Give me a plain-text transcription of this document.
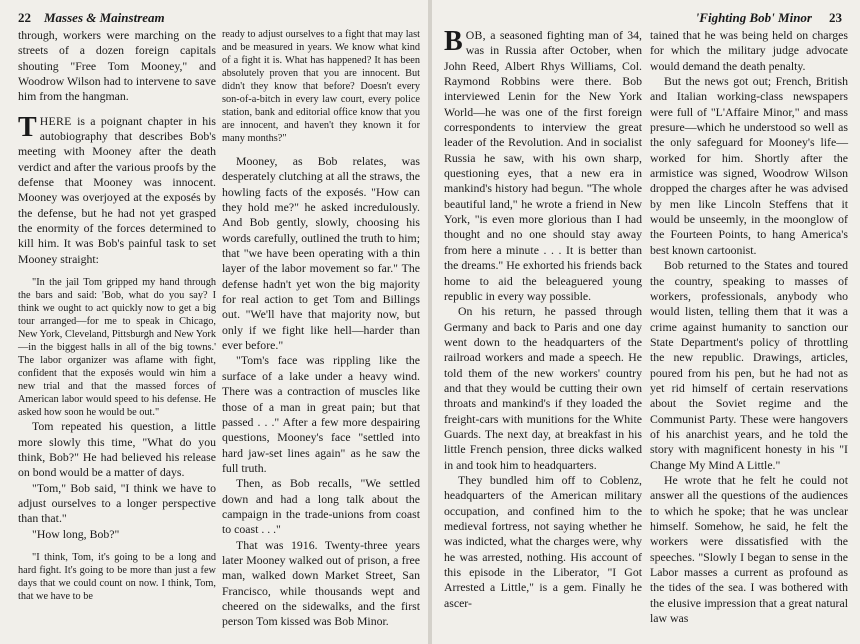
22 Masses & Mainstream

through, workers were marching on the streets of a dozen foreign capitals shouting "Free Tom Mooney," and Woodrow Wilson had to intervene to save him from the hangman.

THERE is a poignant chapter in his autobiography that describes Bob's meeting with Mooney after the death verdict and after the various proofs by the defense that Mooney was innocent. Mooney was overjoyed at the exposés by the defense, but he had not yet grasped the enormity of the forces determined to kill him. It was Bob's painful task to set Mooney straight:

"In the jail Tom gripped my hand through the bars and said: 'Bob, what do you say? I think we ought to act quickly now to get a big tour arranged—for me to speak in Chicago, New York, Cleveland, Pittsburgh and New York—in the biggest halls in all of the big towns.' The labor organizer was aflame with fight, confident that the exposés would win him a new trial and that the massed forces of American labor would speed to his defense. He asked how soon he would be out."

Tom repeated his question, a little more slowly this time, "What do you think, Bob?" He had believed his release on bond would be a matter of days.

"Tom," Bob said, "I think we have to adjust ourselves to a longer perspective than that."

"How long, Bob?"

"I think, Tom, it's going to be a long and hard fight. It's going to be more than just a few days that we could count on now. I think, Tom, that we have to be

ready to adjust ourselves to a fight that may last and be measured in years. We know what kind of a fight it is. What has happened? It has been absolutely proven that you are innocent. But didn't they know that before? Doesn't every son-of-a-bitch in every law court, every police station, bank and editorial office know that you are innocent, and haven't they known it for many months?"

Mooney, as Bob relates, was desperately clutching at all the straws, the howling facts of the exposés. "How can they hold me?" he asked incredulously. And Bob gently, slowly, choosing his words carefully, outlined the truth to him; that "we have been operating with a thin layer of the labor movement so far." The defense hadn't yet won the big majority for real action to get Tom and Billings out. "We'll have that majority now, but only if we fight like hell—harder than ever before."

"Tom's face was rippling like the surface of a lake under a heavy wind. There was a contraction of muscles like those of a man in great pain; but that passed . . ." After a few more despairing questions, Mooney's face "settled into hard jaw-set lines again" as he saw the full truth.

Then, as Bob recalls, "We settled down and had a long talk about the campaign in the trade-unions from coast to coast . . ."

That was 1916. Twenty-three years later Mooney walked out of prison, a free man, walked down Market Street, San Francisco, while thousands wept and cheered on the sidewalks, and the first person Tom kissed was Bob Minor.

'Fighting Bob' Minor 23

BOB, a seasoned fighting man of 34, was in Russia after October, when John Reed, Albert Rhys Williams, Col. Raymond Robbins were there. Bob interviewed Lenin for the New York World—he was one of the first foreign correspondents to interview the great leader of the Revolution. And in socialist Russia he saw, with his own sharp, questioning eyes, that a new era in mankind's history had begun. "The whole beautiful land," he wrote a friend in New York, "is even more glorious than I had thought and no one should stay away from here a minute . . . It is better than the dreams." He exhorted his friends back home to aid the beleaguered young republic in every way possible.

On his return, he passed through Germany and back to Paris and one day went down to the headquarters of the railroad workers and made a speech. He told them of the new workers' country and that they would be cutting their own throats and mankind's if they loaded the freight-cars with munitions for the White Guards. The next day, at breakfast in his little French pension, three dicks walked in and took him to headquarters.

They bundled him off to Coblenz, headquarters of the American military occupation, and confined him to the medieval fortress, not saying whether he was indicted, what the charges were, why he was arrested, nothing. His account of this episode in the Liberator, "I Got Arrested a Little," is a gem. Finally he ascer-

tained that he was being held on charges for which the military judge advocate would demand the death penalty.

But the news got out; French, British and Italian working-class newspapers were full of "L'Affaire Minor," and mass presure—which he understood so well as the only safeguard for Mooney's life—worked for him. Shortly after the armistice was signed, Woodrow Wilson dropped the charges after he was advised by men like Lincoln Steffens that it would be unseemly, in the moonglow of the Fourteen Points, to hang America's best known cartoonist.

Bob returned to the States and toured the country, speaking to masses of workers, professionals, anybody who would listen, telling them that it was a crime against humanity to sanction our State Department's policy of throttling the new republic. Drawings, articles, poured from his pen, but he had not as yet rid himself of certain reservations about the Soviet regime and the Communist Party. These were hangovers of his anarchist years, and he told the story with magnificent honesty in his "I Change My Mind A Little."

He wrote that he felt he could not answer all the questions of the audiences to which he spoke; that he was unclear himself. Somehow, he said, he felt the workers were dissatisfied with the speeches. "Slowly I began to sense in the Labor masses a current as profound as the tides of the sea. I was bothered with the elusive impression that a great natural law was
